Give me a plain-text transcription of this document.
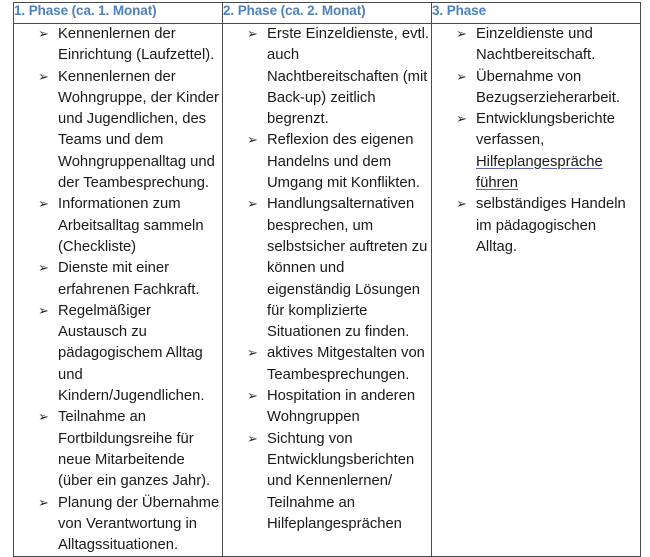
1. Phase (ca. 1. Monat)	2. Phase (ca. 2. Monat)	3. Phase

➢ Kennenlernen der Einrichtung (Laufzettel).
➢ Kennenlernen der Wohngruppe, der Kinder und Jugendlichen, des Teams und dem Wohngruppenalltag und der Teambesprechung.
➢ Informationen zum Arbeitsalltag sammeln (Checkliste)
➢ Dienste mit einer erfahrenen Fachkraft.
➢ Regelmäßiger Austausch zu pädagogischem Alltag und Kindern/Jugendlichen.
➢ Teilnahme an Fortbildungsreihe für neue Mitarbeitende (über ein ganzes Jahr).
➢ Planung der Übernahme von Verantwortung in Alltagssituationen.

➢ Erste Einzeldienste, evtl. auch Nachtbereitschaften (mit Back-up) zeitlich begrenzt.
➢ Reflexion des eigenen Handelns und dem Umgang mit Konflikten.
➢ Handlungsalternativen besprechen, um selbstsicher auftreten zu können und eigenständig Lösungen für komplizierte Situationen zu finden.
➢ aktives Mitgestalten von Teambesprechungen.
➢ Hospitation in anderen Wohngruppen
➢ Sichtung von Entwicklungsberichten und Kennenlernen/ Teilnahme an Hilfeplangesprächen

➢ Einzeldienste und Nachtbereitschaft.
➢ Übernahme von Bezugserzieherarbeit.
➢ Entwicklungsberichte verfassen, Hilfeplangespräche führen
➢ selbständiges Handeln im pädagogischen Alltag.
